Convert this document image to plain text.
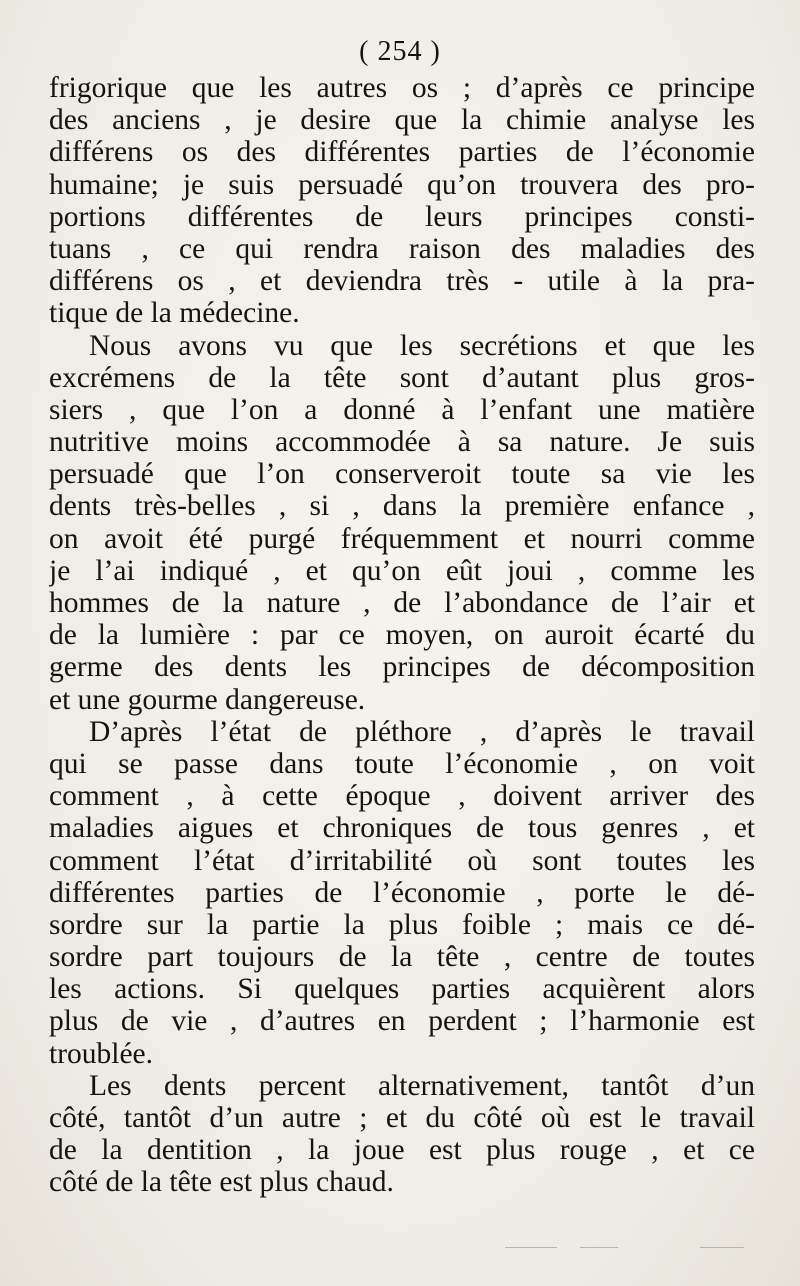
( 254 )
frigorique que les autres os ; d’après ce principe
des anciens , je desire que la chimie analyse les
différens os des différentes parties de l’économie
humaine; je suis persuadé qu’on trouvera des pro-
portions différentes de leurs principes consti-
tuans , ce qui rendra raison des maladies des
différens os , et deviendra très - utile à la pra-
tique de la médecine.
Nous avons vu que les secrétions et que les
excrémens de la tête sont d’autant plus gros-
siers , que l’on a donné à l’enfant une matière
nutritive moins accommodée à sa nature. Je suis
persuadé que l’on conserveroit toute sa vie les
dents très-belles , si , dans la première enfance ,
on avoit été purgé fréquemment et nourri comme
je l’ai indiqué , et qu’on eût joui , comme les
hommes de la nature , de l’abondance de l’air et
de la lumière : par ce moyen, on auroit écarté du
germe des dents les principes de décomposition
et une gourme dangereuse.
D’après l’état de pléthore , d’après le travail
qui se passe dans toute l’économie , on voit
comment , à cette époque , doivent arriver des
maladies aigues et chroniques de tous genres , et
comment l’état d’irritabilité où sont toutes les
différentes parties de l’économie , porte le dé-
sordre sur la partie la plus foible ; mais ce dé-
sordre part toujours de la tête , centre de toutes
les actions. Si quelques parties acquièrent alors
plus de vie , d’autres en perdent ; l’harmonie est
troublée.
Les dents percent alternativement, tantôt d’un
côté, tantôt d’un autre ; et du côté où est le travail
de la dentition , la joue est plus rouge , et ce
côté de la tête est plus chaud.
